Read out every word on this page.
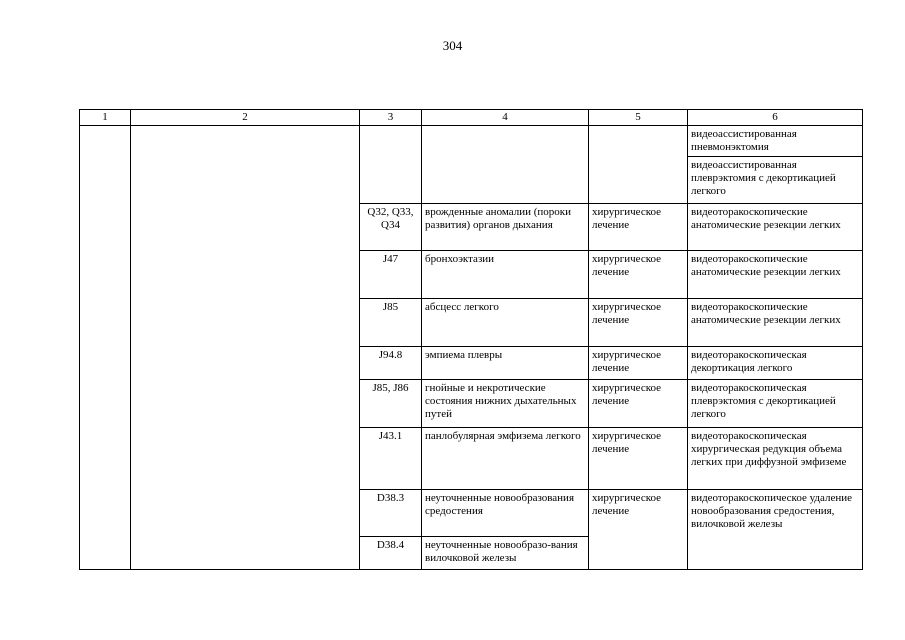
304
1	2	3	4	5	6
					видеоассистированная пневмонэктомия
					видеоассистированная плеврэктомия с декортикацией легкого
		Q32, Q33, Q34	врожденные аномалии (пороки развития) органов дыхания	хирургическое лечение	видеоторакоскопические анатомические резекции легких
		J47	бронхоэктазии	хирургическое лечение	видеоторакоскопические анатомические резекции легких
		J85	абсцесс легкого	хирургическое лечение	видеоторакоскопические анатомические резекции легких
		J94.8	эмпиема плевры	хирургическое лечение	видеоторакоскопическая декортикация легкого
		J85, J86	гнойные и некротические состояния нижних дыхательных путей	хирургическое лечение	видеоторакоскопическая плеврэктомия с декортикацией легкого
		J43.1	панлобулярная эмфизема легкого	хирургическое лечение	видеоторакоскопическая хирургическая редукция объема легких при диффузной эмфиземе
		D38.3	неуточненные новообразования средостения	хирургическое лечение	видеоторакоскопическое удаление новообразования средостения, вилочковой железы
		D38.4	неуточненные новообразо-вания вилочковой железы		
